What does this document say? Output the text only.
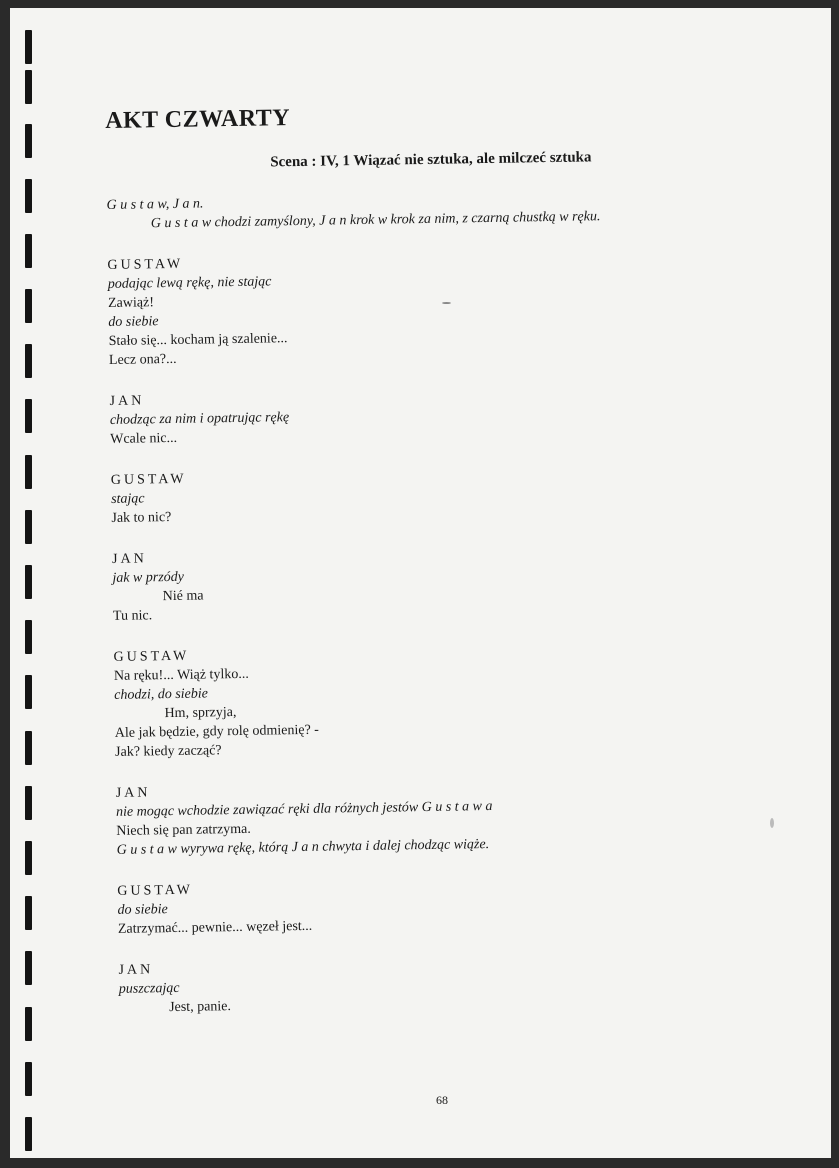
AKT CZWARTY
Scena : IV, 1 Wiązać nie sztuka, ale milczeć sztuka
G u s t a w, J a n.
G u s t a w chodzi zamyślony, J a n krok w krok za nim, z czarną chustką w ręku.
GUSTAW
podając lewą rękę, nie stając
Zawiąż!
do siebie
Stało się... kocham ją szalenie...
Lecz ona?...
JAN
chodząc za nim i opatrując rękę
Wcale nic...
GUSTAW
stając
Jak to nic?
JAN
jak w przódy
Nié ma
Tu nic.
GUSTAW
Na ręku!... Wiąż tylko...
chodzi, do siebie
Hm, sprzyja,
Ale jak będzie, gdy rolę odmienię? -
Jak? kiedy zacząć?
JAN
nie mogąc wchodzie zawiązać ręki dla różnych jestów G u s t a w a
Niech się pan zatrzyma.
G u s t a w wyrywa rękę, którą J a n chwyta i dalej chodząc wiąże.
GUSTAW
do siebie
Zatrzymać... pewnie... węzeł jest...
JAN
puszczając
Jest, panie.
68
